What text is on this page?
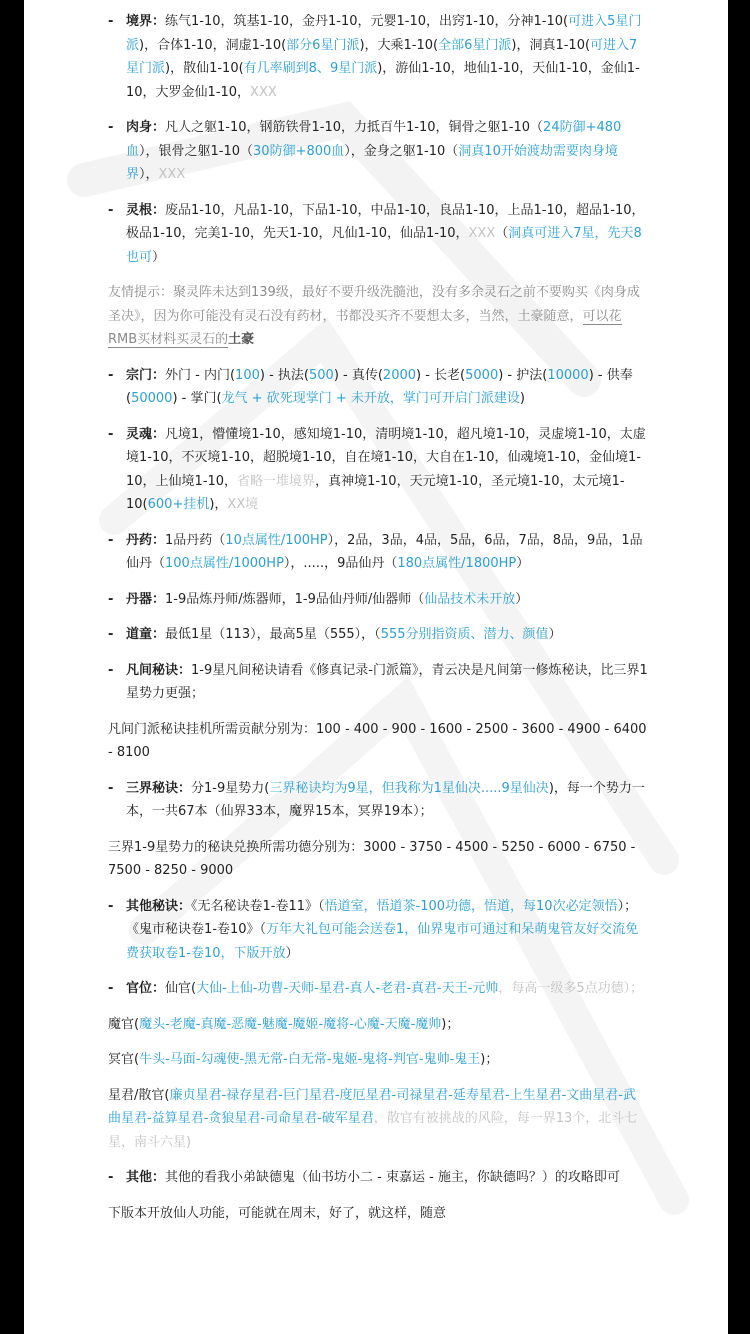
- 境界：练气1-10，筑基1-10，金丹1-10，元婴1-10，出窍1-10，分神1-10(可进入5星门派)，合体1-10，洞虚1-10(部分6星门派)，大乘1-10(全部6星门派)，洞真1-10(可进入7星门派)，散仙1-10(有几率刷到8、9星门派)，游仙1-10，地仙1-10，天仙1-10，金仙1-10，大罗金仙1-10，XXX
- 肉身：凡人之躯1-10，钢筋铁骨1-10，力抵百牛1-10，铜骨之躯1-10（24防御+480血），银骨之躯1-10（30防御+800血），金身之躯1-10（洞真10开始渡劫需要肉身境界），XXX
- 灵根：废品1-10，凡品1-10，下品1-10，中品1-10，良品1-10，上品1-10，超品1-10，极品1-10，完美1-10，先天1-10，凡仙1-10，仙品1-10，XXX（洞真可进入7星，先天8也可）
友情提示：聚灵阵未达到139级，最好不要升级洗髓池，没有多余灵石之前不要购买《肉身成圣决》，因为你可能没有灵石没有药材，书都没买齐不要想太多，当然，土豪随意，可以花RMB买材料买灵石的土豪
- 宗门：外门 - 内门(100) - 执法(500) - 真传(2000) - 长老(5000) - 护法(10000) - 供奉(50000) - 掌门(龙气 + 砍死现掌门 + 未开放，掌门可开启门派建设)
- 灵魂：凡境1，懵懂境1-10，感知境1-10，清明境1-10，超凡境1-10，灵虚境1-10，太虚境1-10，不灭境1-10，超脱境1-10，自在境1-10，大自在1-10，仙魂境1-10，金仙境1-10，上仙境1-10，省略一堆境界，真神境1-10，天元境1-10，圣元境1-10，太元境1-10(600+挂机)，XX境
- 丹药：1品丹药（10点属性/100HP），2品，3品，4品，5品，6品，7品，8品，9品，1品仙丹（100点属性/1000HP），.....，9品仙丹（180点属性/1800HP）
- 丹器：1-9品炼丹师/炼器师，1-9品仙丹师/仙器师（仙品技术未开放）
- 道童：最低1星（113），最高5星（555），（555分别指资质、潜力、颜值）
- 凡间秘诀：1-9星凡间秘诀请看《修真记录-门派篇》，青云决是凡间第一修炼秘诀，比三界1星势力更强；
凡间门派秘诀挂机所需贡献分别为：100 - 400 - 900 - 1600 - 2500 - 3600 - 4900 - 6400 - 8100
- 三界秘诀：分1-9星势力(三界秘诀均为9星，但我称为1星仙决.....9星仙决)，每一个势力一本，一共67本（仙界33本，魔界15本，冥界19本）；
三界1-9星势力的秘诀兑换所需功德分别为：3000 - 3750 - 4500 - 5250 - 6000 - 6750 - 7500 - 8250 - 9000
- 其他秘诀：《无名秘诀卷1-卷11》（悟道室，悟道茶-100功德，悟道，每10次必定领悟）；《鬼市秘诀卷1-卷10》（万年大礼包可能会送卷1，仙界鬼市可通过和呆萌鬼管友好交流免费获取卷1-卷10，下版开放）
- 官位：仙官(大仙-上仙-功曹-天师-星君-真人-老君-真君-天王-元帅，每高一级多5点功德）；
魔官(魔头-老魔-真魔-恶魔-魅魔-魔姬-魔将-心魔-天魔-魔帅)；
冥官(牛头-马面-勾魂使-黑无常-白无常-鬼姬-鬼将-判官-鬼帅-鬼王)；
星君/散官(廉贞星君-禄存星君-巨门星君-度厄星君-司禄星君-延寿星君-上生星君-文曲星君-武曲星君-益算星君-贪狼星君-司命星君-破军星君，散官有被挑战的风险，每一界13个，北斗七星，南斗六星)
- 其他：其他的看我小弟缺德鬼（仙书坊小二 - 束嘉运 - 施主，你缺德吗？）的攻略即可
下版本开放仙人功能，可能就在周末，好了，就这样，随意
